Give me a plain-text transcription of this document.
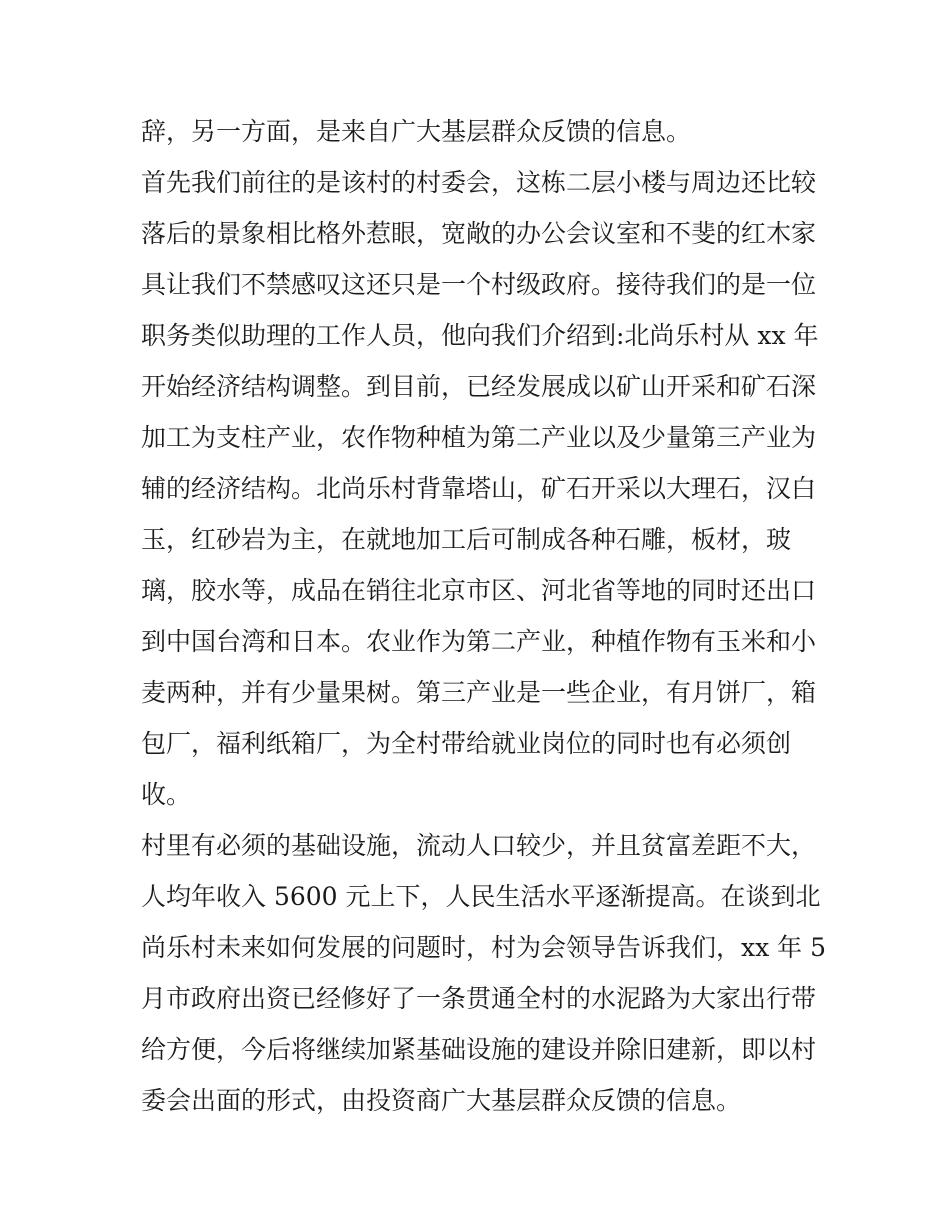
辞，另一方面，是来自广大基层群众反馈的信息。
首先我们前往的是该村的村委会，这栋二层小楼与周边还比较
落后的景象相比格外惹眼，宽敞的办公会议室和不斐的红木家
具让我们不禁感叹这还只是一个村级政府。接待我们的是一位
职务类似助理的工作人员，他向我们介绍到:北尚乐村从 xx 年
开始经济结构调整。到目前，已经发展成以矿山开采和矿石深
加工为支柱产业，农作物种植为第二产业以及少量第三产业为
辅的经济结构。北尚乐村背靠塔山，矿石开采以大理石，汉白
玉，红砂岩为主，在就地加工后可制成各种石雕，板材，玻
璃，胶水等，成品在销往北京市区、河北省等地的同时还出口
到中国台湾和日本。农业作为第二产业，种植作物有玉米和小
麦两种，并有少量果树。第三产业是一些企业，有月饼厂，箱
包厂，福利纸箱厂，为全村带给就业岗位的同时也有必须创
收。
村里有必须的基础设施，流动人口较少，并且贫富差距不大，
人均年收入 5600 元上下，人民生活水平逐渐提高。在谈到北
尚乐村未来如何发展的问题时，村为会领导告诉我们，xx 年 5
月市政府出资已经修好了一条贯通全村的水泥路为大家出行带
给方便，今后将继续加紧基础设施的建设并除旧建新，即以村
委会出面的形式，由投资商广大基层群众反馈的信息。
